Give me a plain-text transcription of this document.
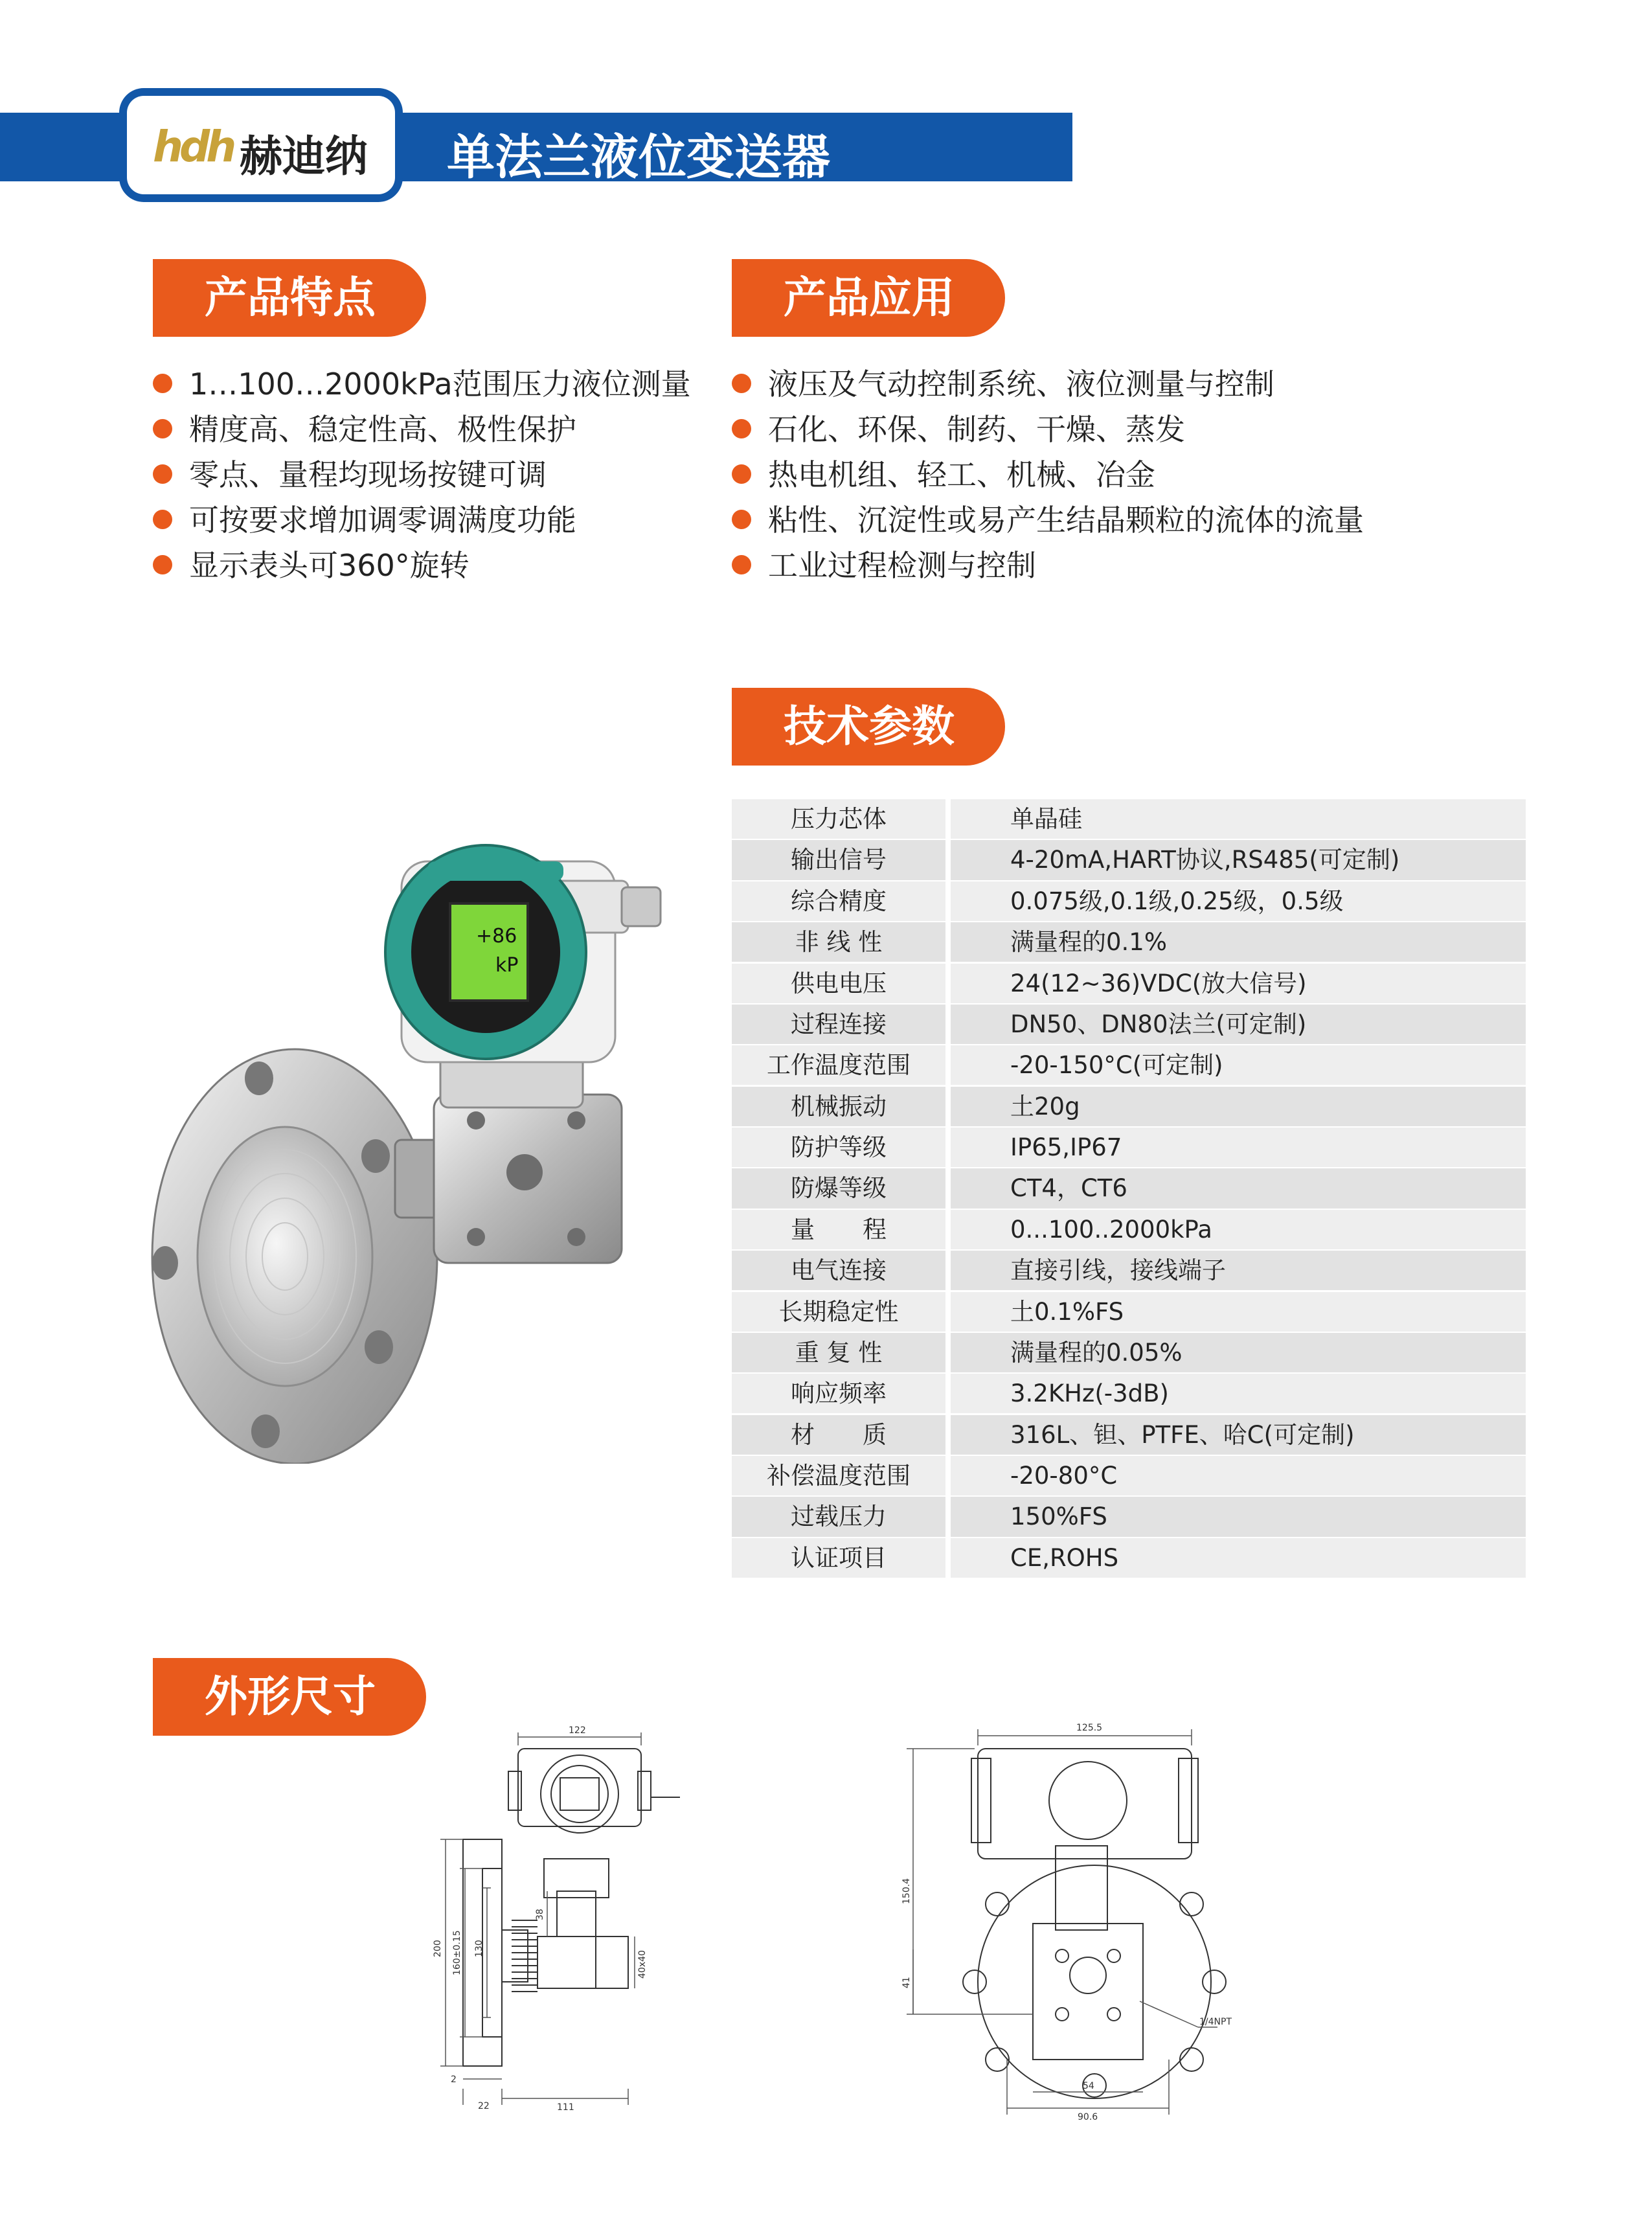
hdh 赫迪纳 单法兰液位变送器
产品特点
1…100…2000kPa范围压力液位测量
精度高、稳定性高、极性保护
零点、量程均现场按键可调
可按要求增加调零调满度功能
显示表头可360°旋转
产品应用
液压及气动控制系统、液位测量与控制
石化、环保、制药、干燥、蒸发
热电机组、轻工、机械、冶金
粘性、沉淀性或易产生结晶颗粒的流体的流量
工业过程检测与控制
技术参数
压力芯体	单晶硅
输出信号	4-20mA,HART协议,RS485(可定制)
综合精度	0.075级,0.1级,0.25级，0.5级
非 线 性	满量程的0.1%
供电电压	24(12~36)VDC(放大信号)
过程连接	DN50、DN80法兰(可定制)
工作温度范围	-20-150°C(可定制)
机械振动	土20g
防护等级	IP65,IP67
防爆等级	CT4，CT6
量　　程	0...100..2000kPa
电气连接	直接引线，接线端子
长期稳定性	土0.1%FS
重 复 性	满量程的0.05%
响应频率	3.2KHz(-3dB)
材　　质	316L、钽、PTFE、哈C(可定制)
补偿温度范围	-20-80°C
过载压力	150%FS
认证项目	CE,ROHS
+86
kP
外形尺寸
122
200 160±0.15 130
38
40x40
2
22	111
125.5
150.4
41
1/4NPT
54
90.6
